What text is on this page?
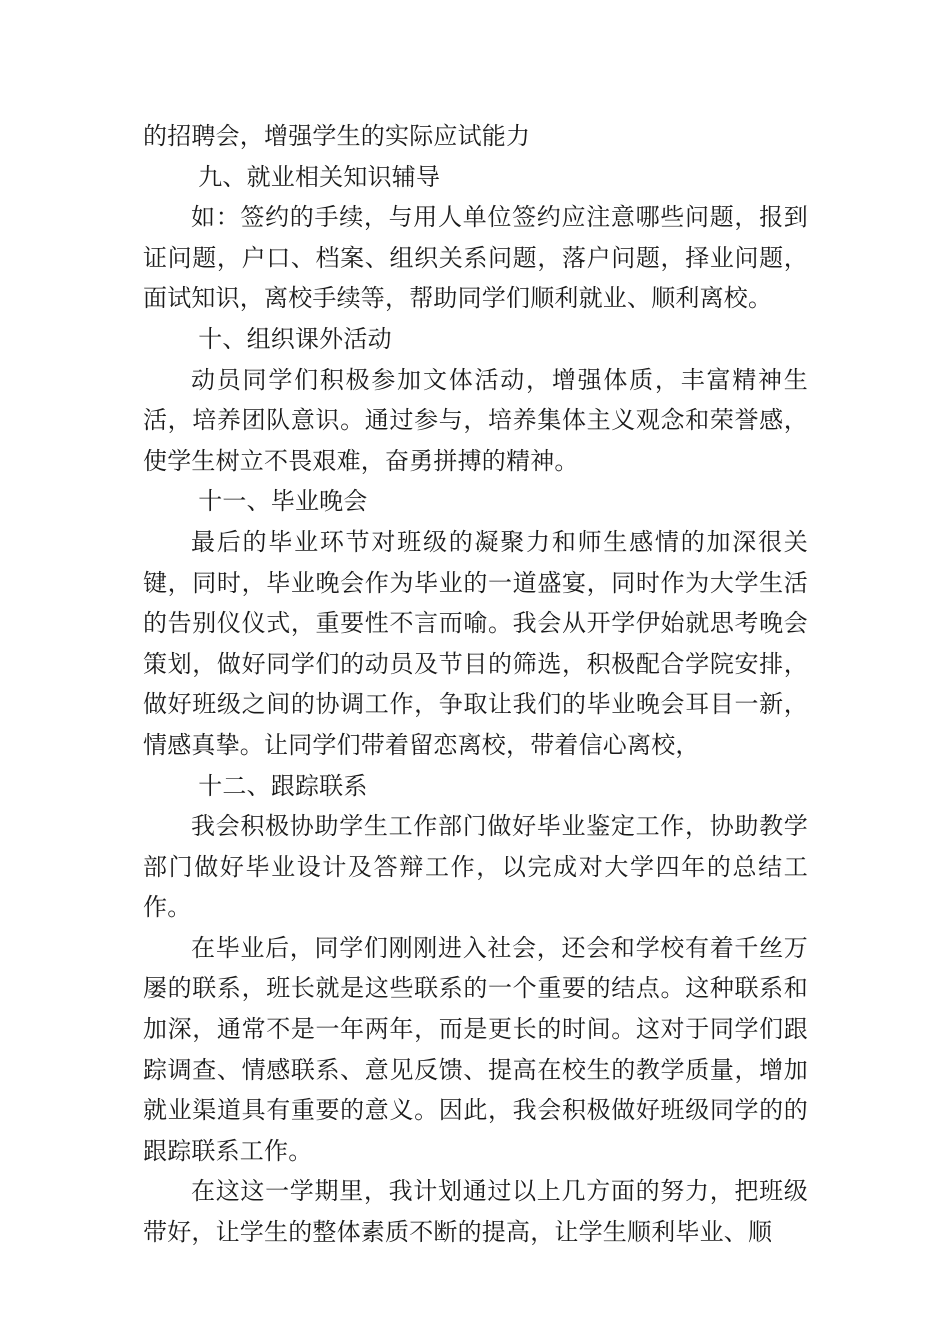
的招聘会，增强学生的实际应试能力

九、就业相关知识辅导

如：签约的手续，与用人单位签约应注意哪些问题，报到证问题，户口、档案、组织关系问题，落户问题，择业问题，面试知识，离校手续等，帮助同学们顺利就业、顺利离校。

十、组织课外活动

动员同学们积极参加文体活动，增强体质，丰富精神生活，培养团队意识。通过参与，培养集体主义观念和荣誉感，使学生树立不畏艰难，奋勇拼搏的精神。

十一、毕业晚会

最后的毕业环节对班级的凝聚力和师生感情的加深很关键，同时，毕业晚会作为毕业的一道盛宴，同时作为大学生活的告别仪仪式，重要性不言而喻。我会从开学伊始就思考晚会策划，做好同学们的动员及节目的筛选，积极配合学院安排，做好班级之间的协调工作，争取让我们的毕业晚会耳目一新，情感真挚。让同学们带着留恋离校，带着信心离校，

十二、跟踪联系

我会积极协助学生工作部门做好毕业鉴定工作，协助教学部门做好毕业设计及答辩工作，以完成对大学四年的总结工作。

在毕业后，同学们刚刚进入社会，还会和学校有着千丝万屡的联系，班长就是这些联系的一个重要的结点。这种联系和加深，通常不是一年两年，而是更长的时间。这对于同学们跟踪调查、情感联系、意见反馈、提高在校生的教学质量，增加就业渠道具有重要的意义。因此，我会积极做好班级同学的的跟踪联系工作。

在这这一学期里，我计划通过以上几方面的努力，把班级带好，让学生的整体素质不断的提高，让学生顺利毕业、顺
